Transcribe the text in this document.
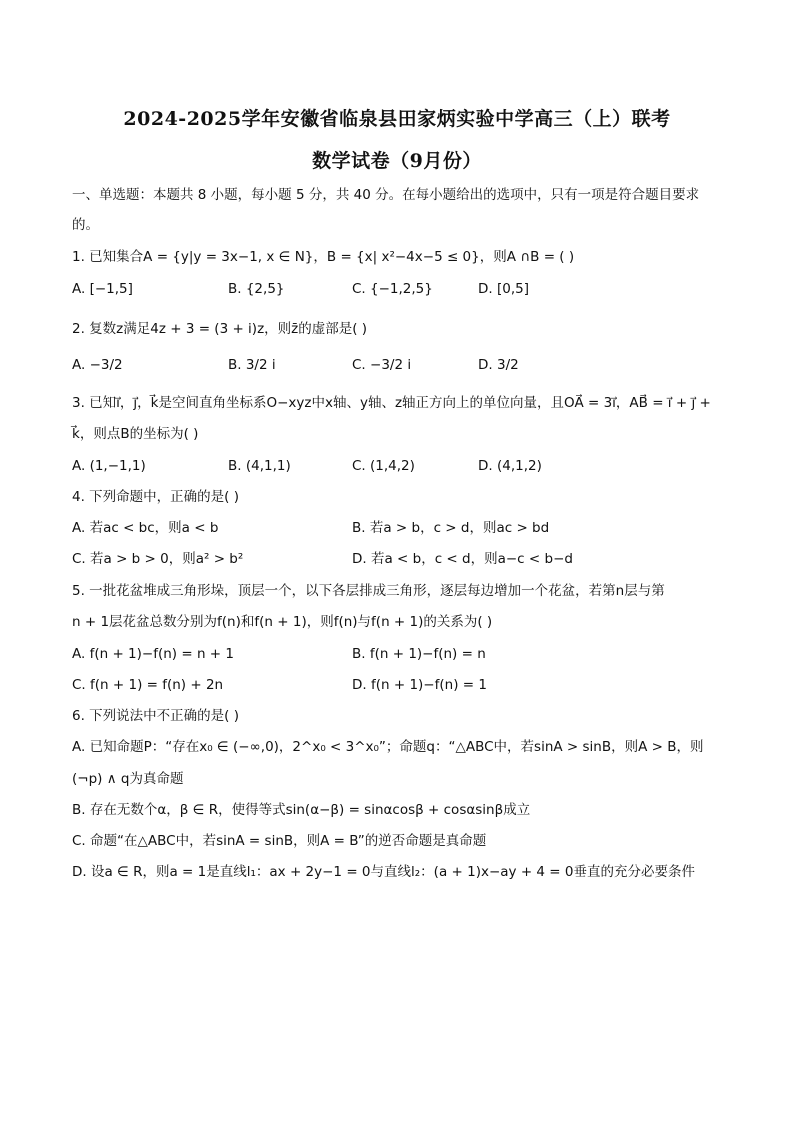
2024-2025学年安徽省临泉县田家炳实验中学高三（上）联考
数学试卷（9月份）
一、单选题：本题共 8 小题，每小题 5 分，共 40 分。在每小题给出的选项中，只有一项是符合题目要求
的。
1. 已知集合A = {y|y = 3x−1, x ∈ N}，B = {x| x²−4x−5 ≤ 0}，则A ∩B = ( )
A. [−1,5]	B. {2,5}	C. {−1,2,5}	D. [0,5]
2. 复数z满足4z + 3 = (3 + i)z，则z̄的虚部是( )
A. −3/2	B. 3/2 i	C. −3/2 i	D. 3/2
3. 已知i⃗，j⃗，k⃗是空间直角坐标系O−xyz中x轴、y轴、z轴正方向上的单位向量，且OA⃗ = 3i⃗，AB⃗ = i⃗ + j⃗ +
k⃗，则点B的坐标为( )
A. (1,−1,1)	B. (4,1,1)	C. (1,4,2)	D. (4,1,2)
4. 下列命题中，正确的是( )
A. 若ac < bc，则a < b	B. 若a > b，c > d，则ac > bd
C. 若a > b > 0，则a² > b²	D. 若a < b，c < d，则a−c < b−d
5. 一批花盆堆成三角形垛，顶层一个，以下各层排成三角形，逐层每边增加一个花盆，若第n层与第
n + 1层花盆总数分别为f(n)和f(n + 1)，则f(n)与f(n + 1)的关系为( )
A. f(n + 1)−f(n) = n + 1	B. f(n + 1)−f(n) = n
C. f(n + 1) = f(n) + 2n	D. f(n + 1)−f(n) = 1
6. 下列说法中不正确的是( )
A. 已知命题P：“存在x₀ ∈ (−∞,0)，2^x₀ < 3^x₀”；命题q：“△ABC中，若sinA > sinB，则A > B，则
(¬p) ∧ q为真命题
B. 存在无数个α，β ∈ R，使得等式sin(α−β) = sinαcosβ + cosαsinβ成立
C. 命题“在△ABC中，若sinA = sinB，则A = B”的逆否命题是真命题
D. 设a ∈ R，则a = 1是直线l₁：ax + 2y−1 = 0与直线l₂：(a + 1)x−ay + 4 = 0垂直的充分必要条件
